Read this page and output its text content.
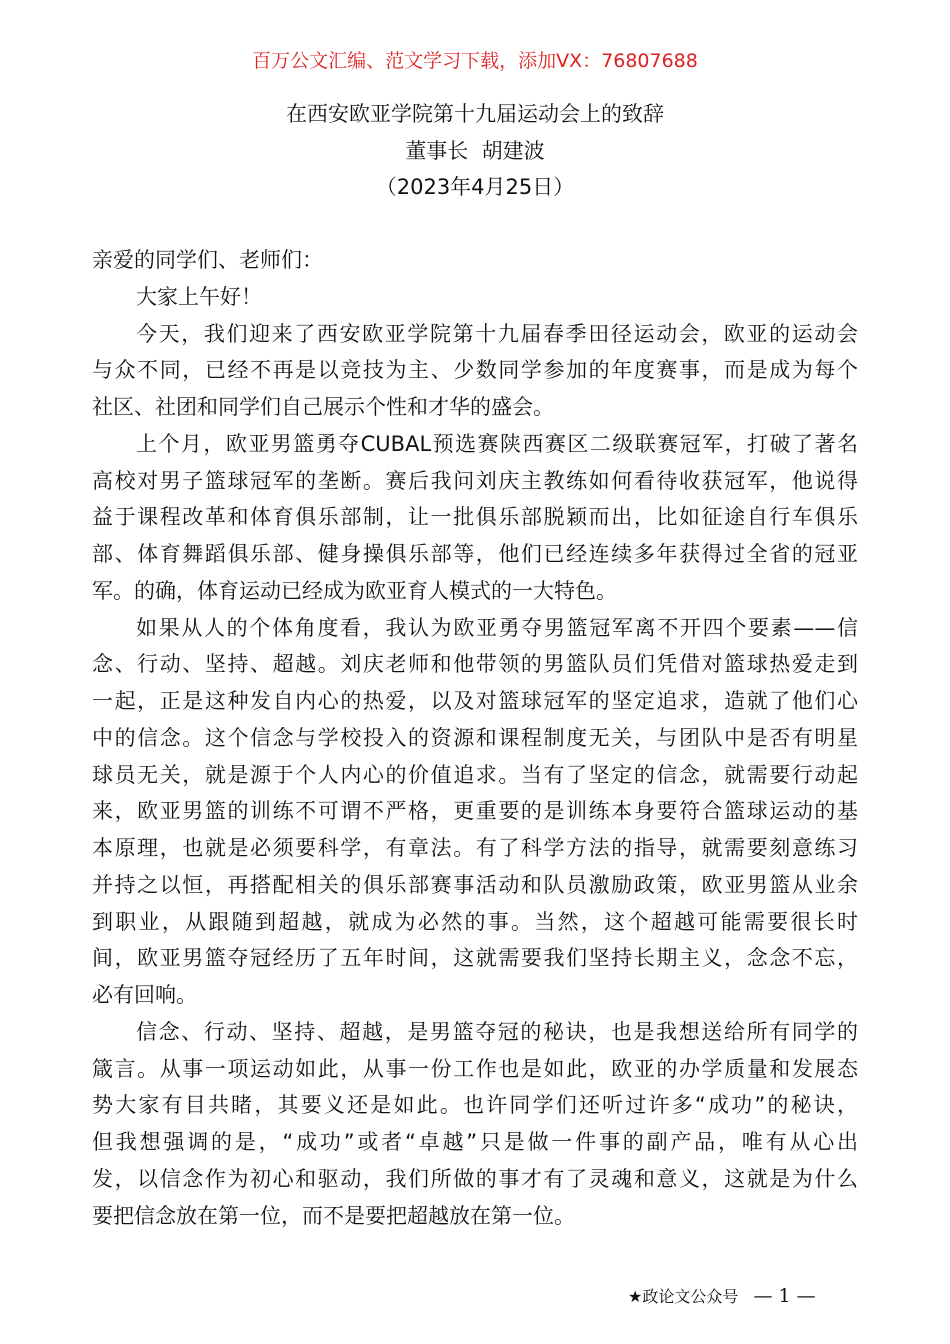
百万公文汇编、范文学习下载，添加VX：76807688
在西安欧亚学院第十九届运动会上的致辞
董事长  胡建波
（2023年4月25日）
亲爱的同学们、老师们：
大家上午好！
今天，我们迎来了西安欧亚学院第十九届春季田径运动会，欧亚的运动会
与众不同，已经不再是以竞技为主、少数同学参加的年度赛事，而是成为每个
社区、社团和同学们自己展示个性和才华的盛会。
上个月，欧亚男篮勇夺CUBAL预选赛陕西赛区二级联赛冠军，打破了著名
高校对男子篮球冠军的垄断。赛后我问刘庆主教练如何看待收获冠军，他说得
益于课程改革和体育俱乐部制，让一批俱乐部脱颖而出，比如征途自行车俱乐
部、体育舞蹈俱乐部、健身操俱乐部等，他们已经连续多年获得过全省的冠亚
军。的确，体育运动已经成为欧亚育人模式的一大特色。
如果从人的个体角度看，我认为欧亚勇夺男篮冠军离不开四个要素——信
念、行动、坚持、超越。刘庆老师和他带领的男篮队员们凭借对篮球热爱走到
一起，正是这种发自内心的热爱，以及对篮球冠军的坚定追求，造就了他们心
中的信念。这个信念与学校投入的资源和课程制度无关，与团队中是否有明星
球员无关，就是源于个人内心的价值追求。当有了坚定的信念，就需要行动起
来，欧亚男篮的训练不可谓不严格，更重要的是训练本身要符合篮球运动的基
本原理，也就是必须要科学，有章法。有了科学方法的指导，就需要刻意练习
并持之以恒，再搭配相关的俱乐部赛事活动和队员激励政策，欧亚男篮从业余
到职业，从跟随到超越，就成为必然的事。当然，这个超越可能需要很长时
间，欧亚男篮夺冠经历了五年时间，这就需要我们坚持长期主义，念念不忘，
必有回响。
信念、行动、坚持、超越，是男篮夺冠的秘诀，也是我想送给所有同学的
箴言。从事一项运动如此，从事一份工作也是如此，欧亚的办学质量和发展态
势大家有目共睹，其要义还是如此。也许同学们还听过许多“成功”的秘诀，
但我想强调的是，“成功”或者“卓越”只是做一件事的副产品，唯有从心出
发，以信念作为初心和驱动，我们所做的事才有了灵魂和意义，这就是为什么
要把信念放在第一位，而不是要把超越放在第一位。
★政论文公众号 — 1 —
